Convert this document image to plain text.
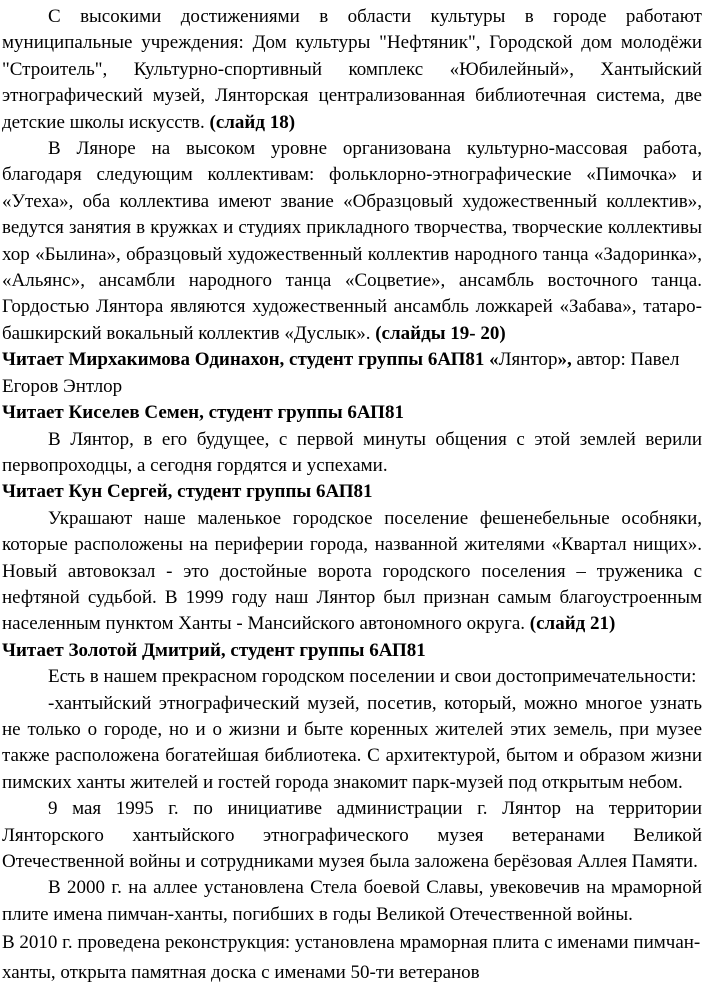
С высокими достижениями в области культуры в городе работают муниципальные учреждения: Дом культуры "Нефтяник", Городской дом молодёжи "Строитель", Культурно-спортивный комплекс «Юбилейный», Хантыйский этнографический музей, Лянторская централизованная библиотечная система, две детские школы искусств. (слайд 18)

В Ляноре на высоком уровне организована культурно-массовая работа, благодаря следующим коллективам: фольклорно-этнографические «Пимочка» и «Утеха», оба коллектива имеют звание «Образцовый художественный коллектив», ведутся занятия в кружках и студиях прикладного творчества, творческие коллективы хор «Былина», образцовый художественный коллектив народного танца «Задоринка», «Альянс», ансамбли народного танца «Соцветие», ансамбль восточного танца. Гордостью Лянтора являются художественный ансамбль ложкарей «Забава», татаро-башкирский вокальный коллектив «Дуслык». (слайды 19- 20)

Читает Мирхакимова Одинахон, студент группы 6АП81 «Лянтор», автор: Павел Егоров Энтлор

Читает Киселев Семен, студент группы 6АП81

В Лянтор, в его будущее, с первой минуты общения с этой землей верили первопроходцы, а сегодня гордятся и успехами.

Читает Кун Сергей, студент группы 6АП81

Украшают наше маленькое городское поселение фешенебельные особняки, которые расположены на периферии города, названной жителями «Квартал нищих». Новый автовокзал - это достойные ворота городского поселения – труженика с нефтяной судьбой. В 1999 году наш Лянтор был признан самым благоустроенным населенным пунктом Ханты - Мансийского автономного округа. (слайд 21)

Читает Золотой Дмитрий, студент группы 6АП81

Есть в нашем прекрасном городском поселении и свои достопримечательности:

-хантыйский этнографический музей, посетив, который, можно многое узнать не только о городе, но и о жизни и быте коренных жителей этих земель, при музее также расположена богатейшая библиотека. С архитектурой, бытом и образом жизни пимских ханты жителей и гостей города знакомит парк-музей под открытым небом.

9 мая 1995 г. по инициативе администрации г. Лянтор на территории Лянторского хантыйского этнографического музея ветеранами Великой Отечественной войны и сотрудниками музея была заложена берёзовая Аллея Памяти.

В 2000 г. на аллее установлена Стела боевой Славы, увековечив на мраморной плите имена пимчан-ханты, погибших в годы Великой Отечественной войны.

В 2010 г. проведена реконструкция: установлена мраморная плита с именами пимчан-ханты, открыта памятная доска с именами 50-ти ветеранов
